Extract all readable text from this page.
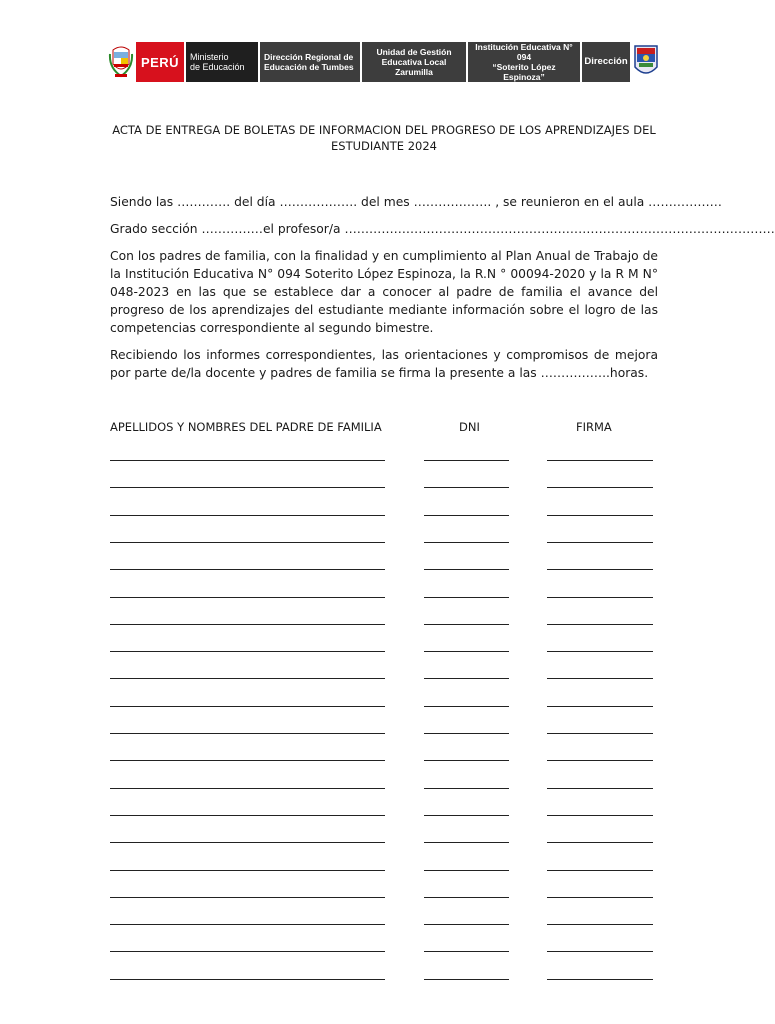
PERÚ	Ministerio
de Educación
Dirección Regional de
Educación de Tumbes
Unidad de Gestión
Educativa Local Zarumilla
Institución Educativa N° 094
“Soterito López Espinoza”
Dirección
ACTA DE ENTREGA DE BOLETAS DE INFORMACION DEL PROGRESO DE LOS APRENDIZAJES DEL
ESTUDIANTE 2024
Siendo las …………. del día ………………. del mes ………………. , se reunieron en el aula ………………
Grado sección ……………el profesor/a ……………………………………………………………………………………………
Con los padres de familia, con la finalidad y en cumplimiento al Plan Anual de Trabajo de la Institución Educativa N° 094 Soterito López Espinoza, la R.N ° 00094-2020 y la R M N° 048-2023 en las que se establece dar a conocer al padre de familia el avance del progreso de los aprendizajes del estudiante mediante información sobre el logro de las competencias correspondiente al segundo bimestre.
Recibiendo los informes correspondientes, las orientaciones y compromisos de mejora por parte de/la docente y padres de familia se firma la presente a las ……………..horas.
APELLIDOS Y NOMBRES DEL PADRE DE FAMILIA	DNI	FIRMA
